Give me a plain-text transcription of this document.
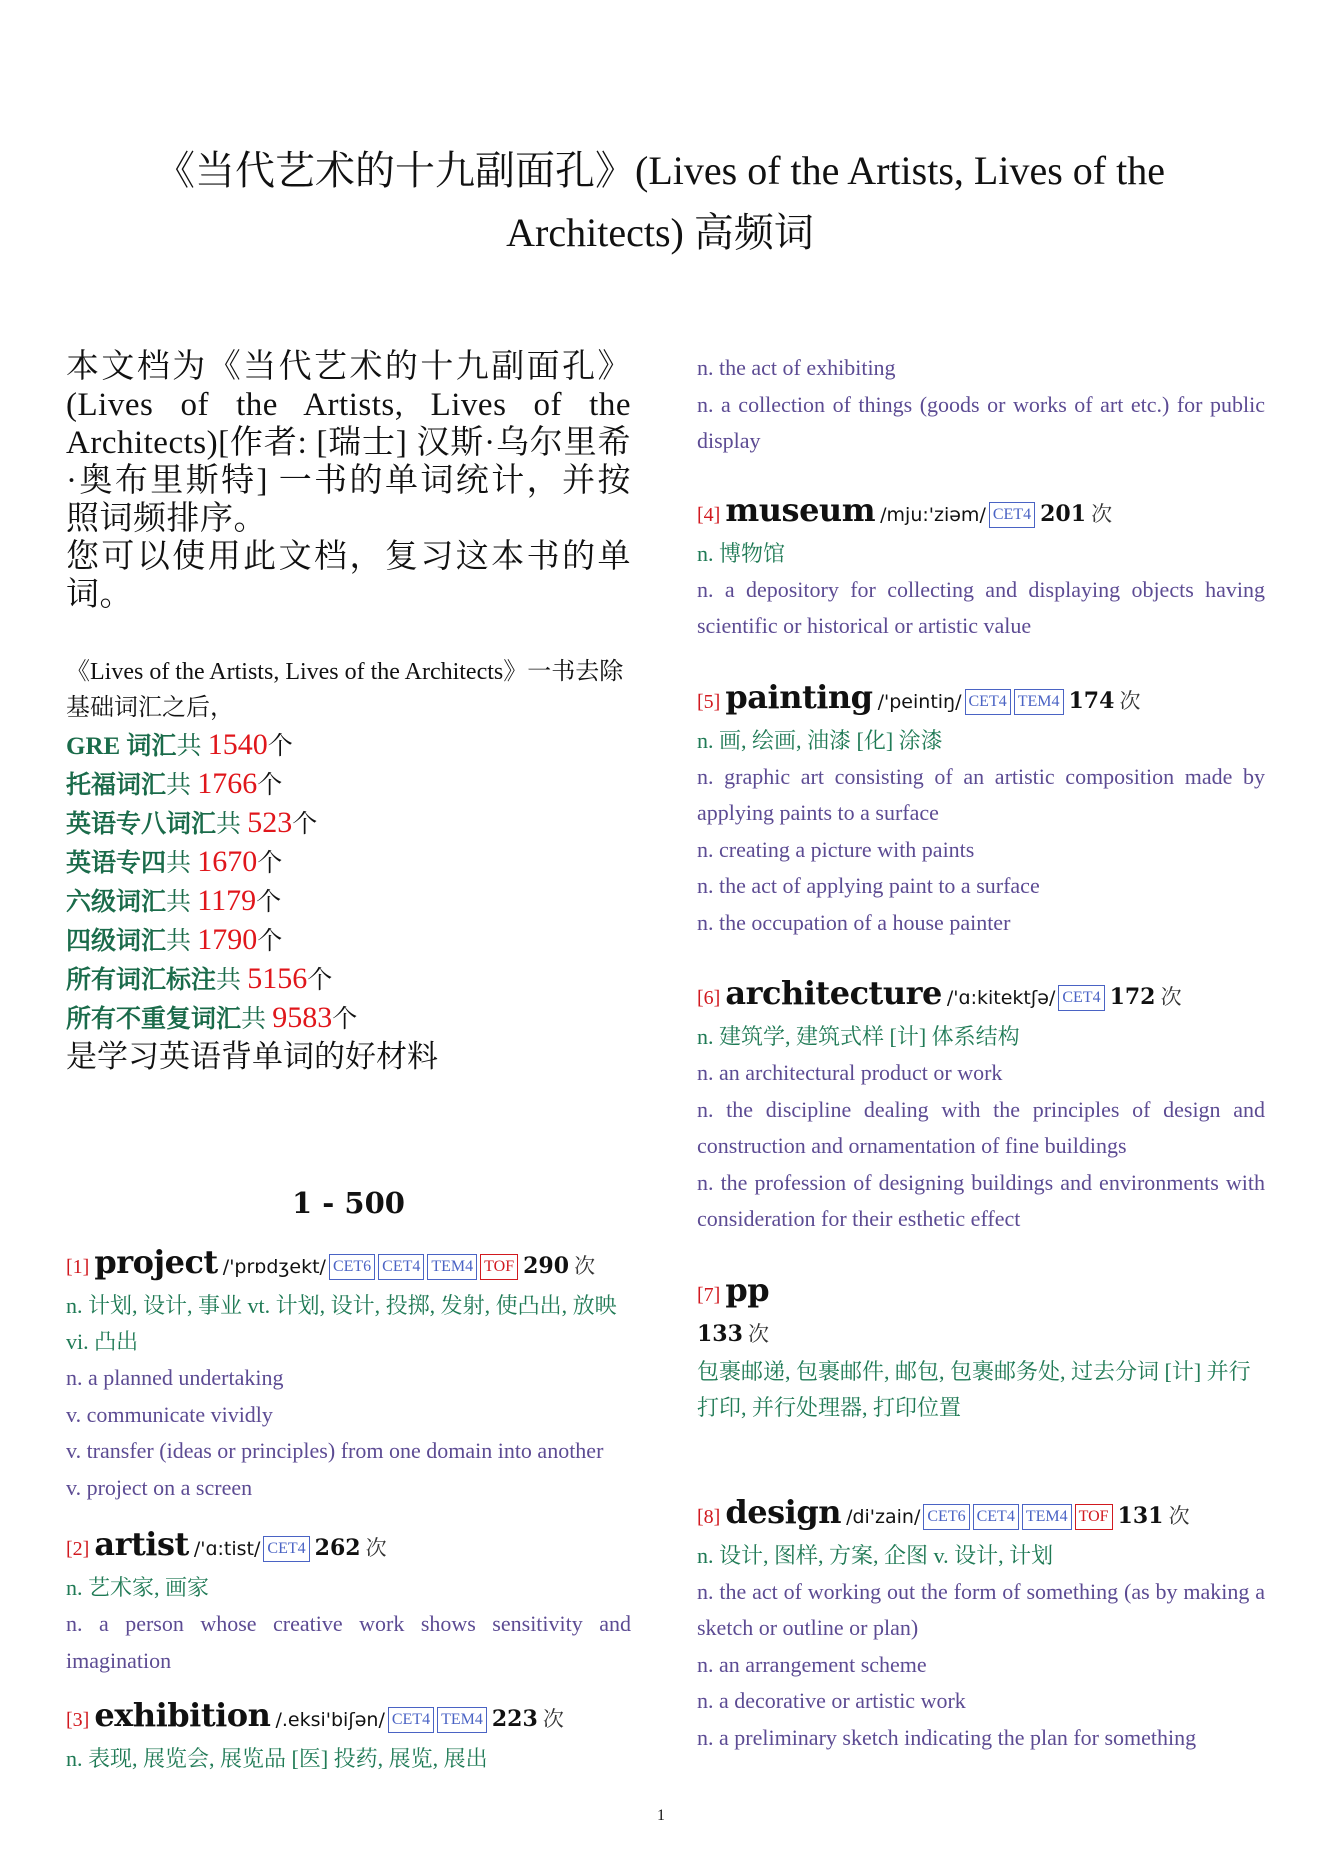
《当代艺术的十九副面孔》(Lives of the Artists, Lives of the
Architects) 高频词

本文档为《当代艺术的十九副面孔》(Lives of the Artists, Lives of the Architects)[作者: [瑞士] 汉斯·乌尔里希·奥布里斯特] 一书的单词统计，并按照词频排序。

您可以使用此文档，复习这本书的单词。

《Lives of the Artists, Lives of the Architects》一书去除基础词汇之后，
GRE 词汇共 1540个
托福词汇共 1766个
英语专八词汇共 523个
英语专四共 1670个
六级词汇共 1179个
四级词汇共 1790个
所有词汇标注共 5156个
所有不重复词汇共 9583个
是学习英语背单词的好材料
1 - 500
[1] project /'prɒdʒekt/ CET6 CET4 TEM4 TOF 290 次
n. 计划, 设计, 事业 vt. 计划, 设计, 投掷, 发射, 使凸出, 放映 vi. 凸出
n. a planned undertaking
v. communicate vividly
v. transfer (ideas or principles) from one domain into another
v. project on a screen
[2] artist /'ɑ:tist/ CET4 262 次
n. 艺术家, 画家
n. a person whose creative work shows sensitivity and imagination
[3] exhibition /.eksi'biʃən/ CET4 TEM4 223 次
n. 表现, 展览会, 展览品 [医] 投药, 展览, 展出
n. the act of exhibiting
n. a collection of things (goods or works of art etc.) for public display
[4] museum /mju:'ziəm/ CET4 201 次
n. 博物馆
n. a depository for collecting and displaying objects having scientific or historical or artistic value
[5] painting /'peintiŋ/ CET4 TEM4 174 次
n. 画, 绘画, 油漆 [化] 涂漆
n. graphic art consisting of an artistic composition made by applying paints to a surface
n. creating a picture with paints
n. the act of applying paint to a surface
n. the occupation of a house painter
[6] architecture /'ɑ:kitektʃə/ CET4 172 次
n. 建筑学, 建筑式样 [计] 体系结构
n. an architectural product or work
n. the discipline dealing with the principles of design and construction and ornamentation of fine buildings
n. the profession of designing buildings and environments with consideration for their esthetic effect
[7] pp
133 次
包裹邮递, 包裹邮件, 邮包, 包裹邮务处, 过去分词 [计] 并行打印, 并行处理器, 打印位置
[8] design /di'zain/ CET6 CET4 TEM4 TOF 131 次
n. 设计, 图样, 方案, 企图 v. 设计, 计划
n. the act of working out the form of something (as by making a sketch or outline or plan)
n. an arrangement scheme
n. a decorative or artistic work
n. a preliminary sketch indicating the plan for something
1
